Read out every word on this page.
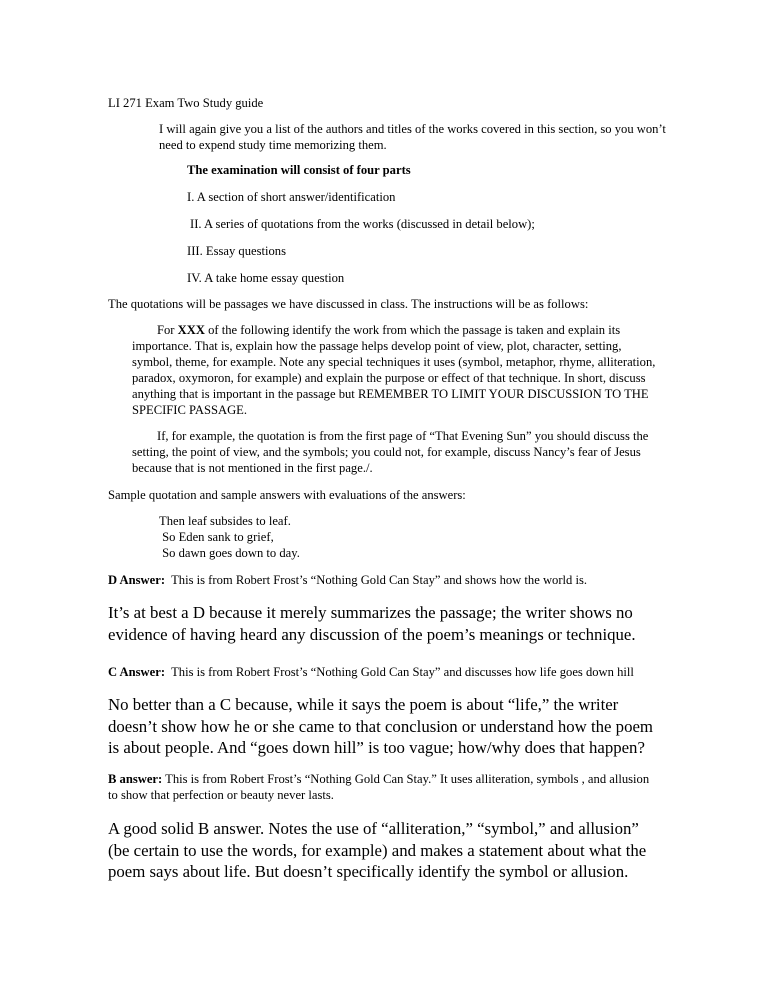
LI 271 Exam Two Study guide
I will again give you a list of the authors and titles of the works covered in this section, so you won’t need to expend study time memorizing them.
The examination will consist of four parts
I. A section of short answer/identification
II. A series of quotations from the works (discussed in detail below);
III. Essay questions
IV. A take home essay question
The quotations will be passages we have discussed in class. The instructions will be as follows:
For XXX of the following identify the work from which the passage is taken and explain its importance. That is, explain how the passage helps develop point of view, plot, character, setting, symbol, theme, for example. Note any special techniques it uses (symbol, metaphor, rhyme, alliteration, paradox, oxymoron, for example) and explain the purpose or effect of that technique. In short, discuss anything that is important in the passage but REMEMBER TO LIMIT YOUR DISCUSSION TO THE SPECIFIC PASSAGE.
If, for example, the quotation is from the first page of “That Evening Sun” you should discuss the setting, the point of view, and the symbols; you could not, for example, discuss Nancy’s fear of Jesus because that is not mentioned in the first page./.
Sample quotation and sample answers with evaluations of the answers:
Then leaf subsides to leaf.
So Eden sank to grief,
So dawn goes down to day.
D Answer:  This is from Robert Frost’s “Nothing Gold Can Stay” and shows how the world is.
It’s at best a D because it merely summarizes the passage; the writer shows no evidence of having heard any discussion of the poem’s meanings or technique.
C Answer:  This is from Robert Frost’s “Nothing Gold Can Stay” and discusses how life goes down hill
No better than a C because, while it says the poem is about “life,” the writer doesn’t show how he or she came to that conclusion or understand how the poem is about people. And “goes down hill” is too vague; how/why does that happen?
B answer: This is from Robert Frost’s “Nothing Gold Can Stay.” It uses alliteration, symbols , and allusion to show that perfection or beauty never lasts.
A good solid B answer. Notes the use of “alliteration,” “symbol,” and allusion” (be certain to use the words, for example) and makes a statement about what the poem says about life. But doesn’t specifically identify the symbol or allusion.
